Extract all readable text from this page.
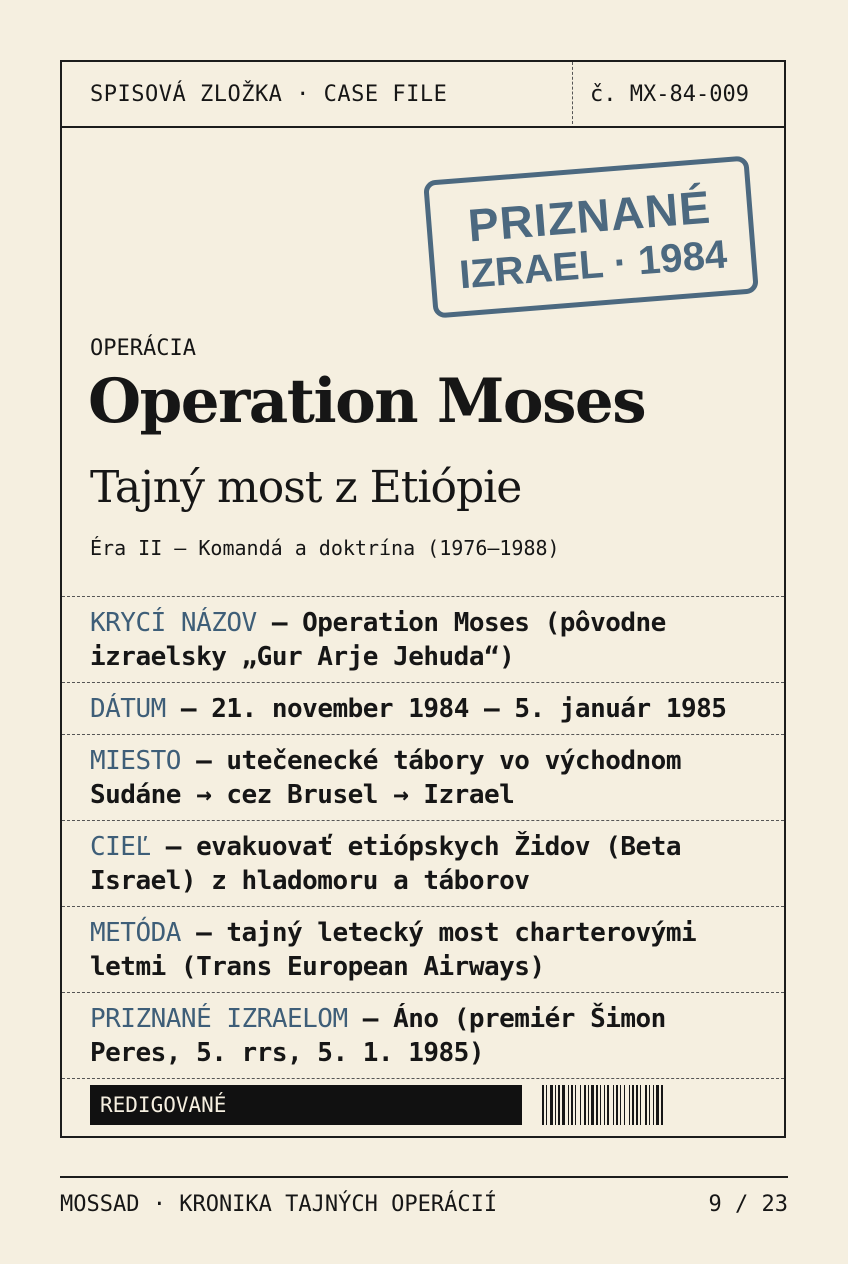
SPISOVÁ ZLOŽKA · CASE FILE	č. MX-84-009
PRIZNANÉ
IZRAEL · 1984
OPERÁCIA
Operation Moses
Tajný most z Etiópie
Éra II — Komandá a doktrína (1976–1988)
KRYCÍ NÁZOV — Operation Moses (pôvodne izraelsky „Gur Arje Jehuda“)
DÁTUM — 21. november 1984 – 5. január 1985
MIESTO — utečenecké tábory vo východnom Sudáne → cez Brusel → Izrael
CIEĽ — evakuovať etiópskych Židov (Beta Israel) z hladomoru a táborov
METÓDA — tajný letecký most charterovými letmi (Trans European Airways)
PRIZNANÉ IZRAELOM — Áno (premiér Šimon Peres, 5. rrs, 5. 1. 1985)
REDIGOVANÉ
MOSSAD · KRONIKA TAJNÝCH OPERÁCIÍ	9 / 23
